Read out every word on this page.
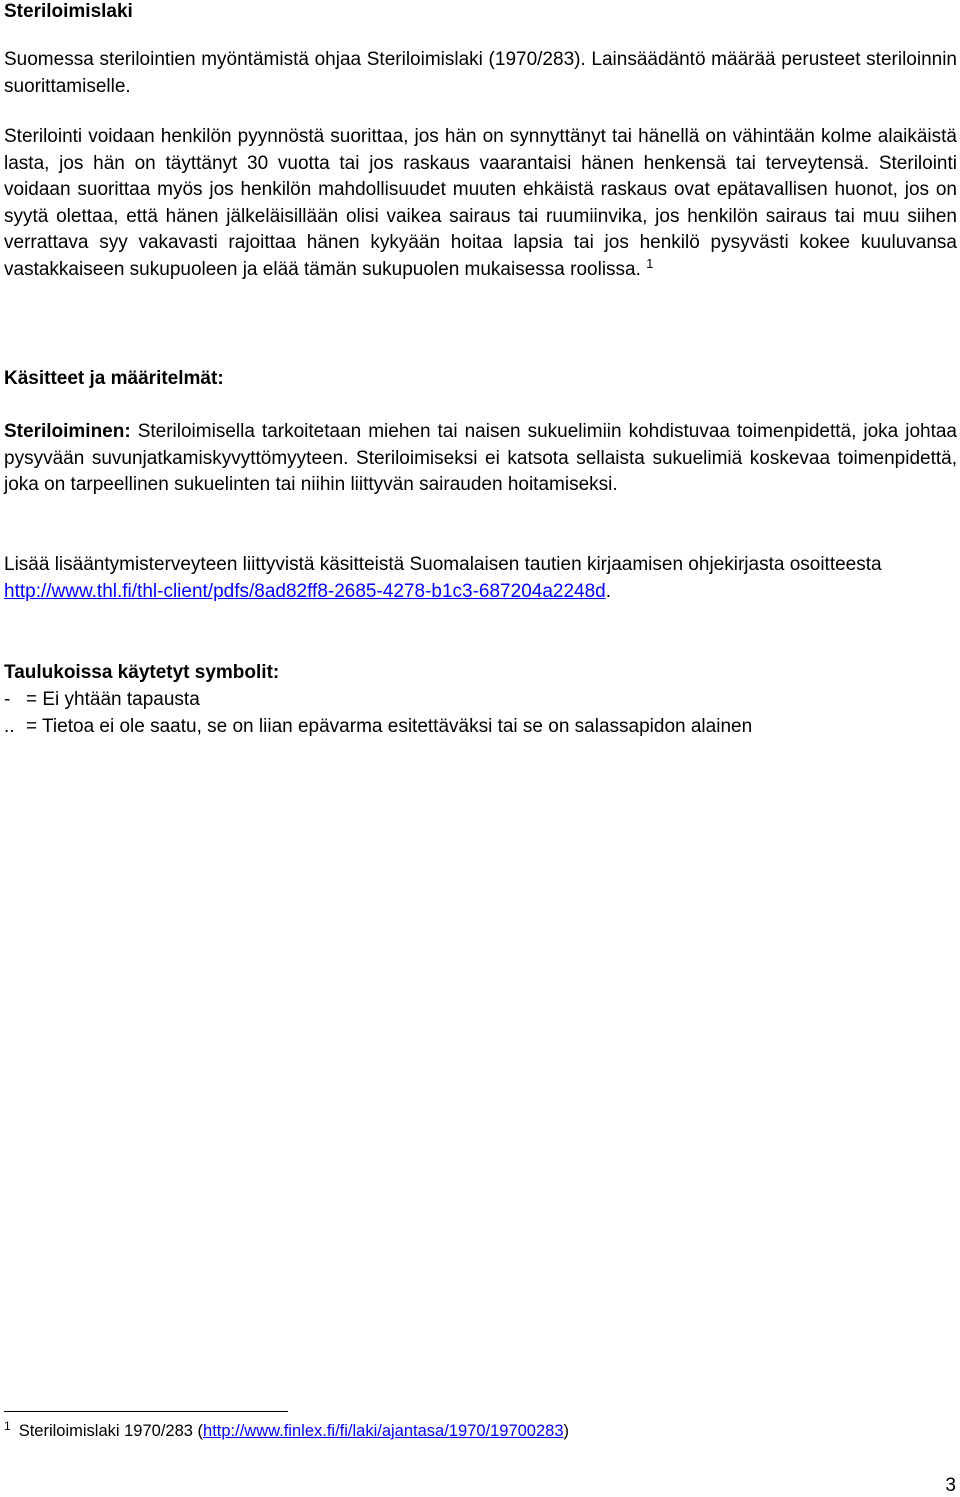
Steriloimislaki
Suomessa sterilointien myöntämistä ohjaa Steriloimislaki (1970/283). Lainsäädäntö määrää perusteet steriloinnin suorittamiselle.
Sterilointi voidaan henkilön pyynnöstä suorittaa, jos hän on synnyttänyt tai hänellä on vähintään kolme alaikäistä lasta, jos hän on täyttänyt 30 vuotta tai jos raskaus vaarantaisi hänen henkensä tai terveytensä. Sterilointi voidaan suorittaa myös jos henkilön mahdollisuudet muuten ehkäistä raskaus ovat epätavallisen huonot, jos on syytä olettaa, että hänen jälkeläisillään olisi vaikea sairaus tai ruumiinvika, jos henkilön sairaus tai muu siihen verrattava syy vakavasti rajoittaa hänen kykyään hoitaa lapsia tai jos henkilö pysyvästi kokee kuuluvansa vastakkaiseen sukupuoleen ja elää tämän sukupuolen mukaisessa roolissa. $^1$
Käsitteet ja määritelmät:
Steriloiminen: Steriloimisella tarkoitetaan miehen tai naisen sukuelimiin kohdistuvaa toimenpidettä, joka johtaa pysyvään suvunjatkamiskyvyttömyyteen. Steriloimiseksi ei katsota sellaista sukuelimiä koskevaa toimenpidettä, joka on tarpeellinen sukuelinten tai niihin liittyvän sairauden hoitamiseksi.
Lisää lisääntymisterveyteen liittyvistä käsitteistä Suomalaisen tautien kirjaamisen ohjekirjasta osoitteesta http://www.thl.fi/thl-client/pdfs/8ad82ff8-2685-4278-b1c3-687204a2248d.
Taulukoissa käytetyt symbolit:
- = Ei yhtään tapausta
.. = Tietoa ei ole saatu, se on liian epävarma esitettäväksi tai se on salassapidon alainen
$^1$ Steriloimislaki 1970/283 (http://www.finlex.fi/fi/laki/ajantasa/1970/19700283)
3
